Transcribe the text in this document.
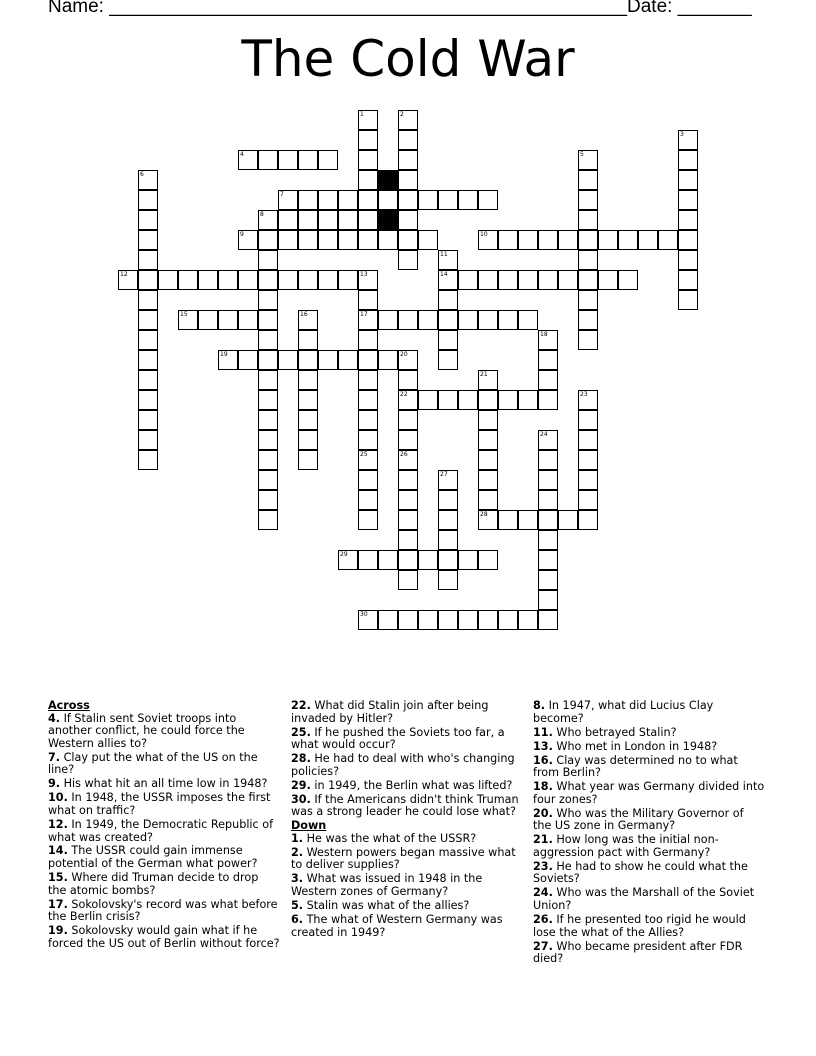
Name: _________________________________________________ Date: _______
The Cold War
4
7
8
9	10
12	14
15	17
19
22
28
29
30
1	2
3
5
6
11
13
16
18
20
21
23
24
25	26
27
Across
4. If Stalin sent Soviet troops into another conflict, he could force the Western allies to?
7. Clay put the what of the US on the line?
9. His what hit an all time low in 1948?
10. In 1948, the USSR imposes the first what on traffic?
12. In 1949, the Democratic Republic of what was created?
14. The USSR could gain immense potential of the German what power?
15. Where did Truman decide to drop the atomic bombs?
17. Sokolovsky's record was what before the Berlin crisis?
19. Sokolovsky would gain what if he forced the US out of Berlin without force?
22. What did Stalin join after being invaded by Hitler?
25. If he pushed the Soviets too far, a what would occur?
28. He had to deal with who's changing policies?
29. in 1949, the Berlin what was lifted?
30. If the Americans didn't think Truman was a strong leader he could lose what?
Down
1. He was the what of the USSR?
2. Western powers began massive what to deliver supplies?
3. What was issued in 1948 in the Western zones of Germany?
5. Stalin was what of the allies?
6. The what of Western Germany was created in 1949?
8. In 1947, what did Lucius Clay become?
11. Who betrayed Stalin?
13. Who met in London in 1948?
16. Clay was determined no to what from Berlin?
18. What year was Germany divided into four zones?
20. Who was the Military Governor of the US zone in Germany?
21. How long was the initial non-aggression pact with Germany?
23. He had to show he could what the Soviets?
24. Who was the Marshall of the Soviet Union?
26. If he presented too rigid he would lose the what of the Allies?
27. Who became president after FDR died?
